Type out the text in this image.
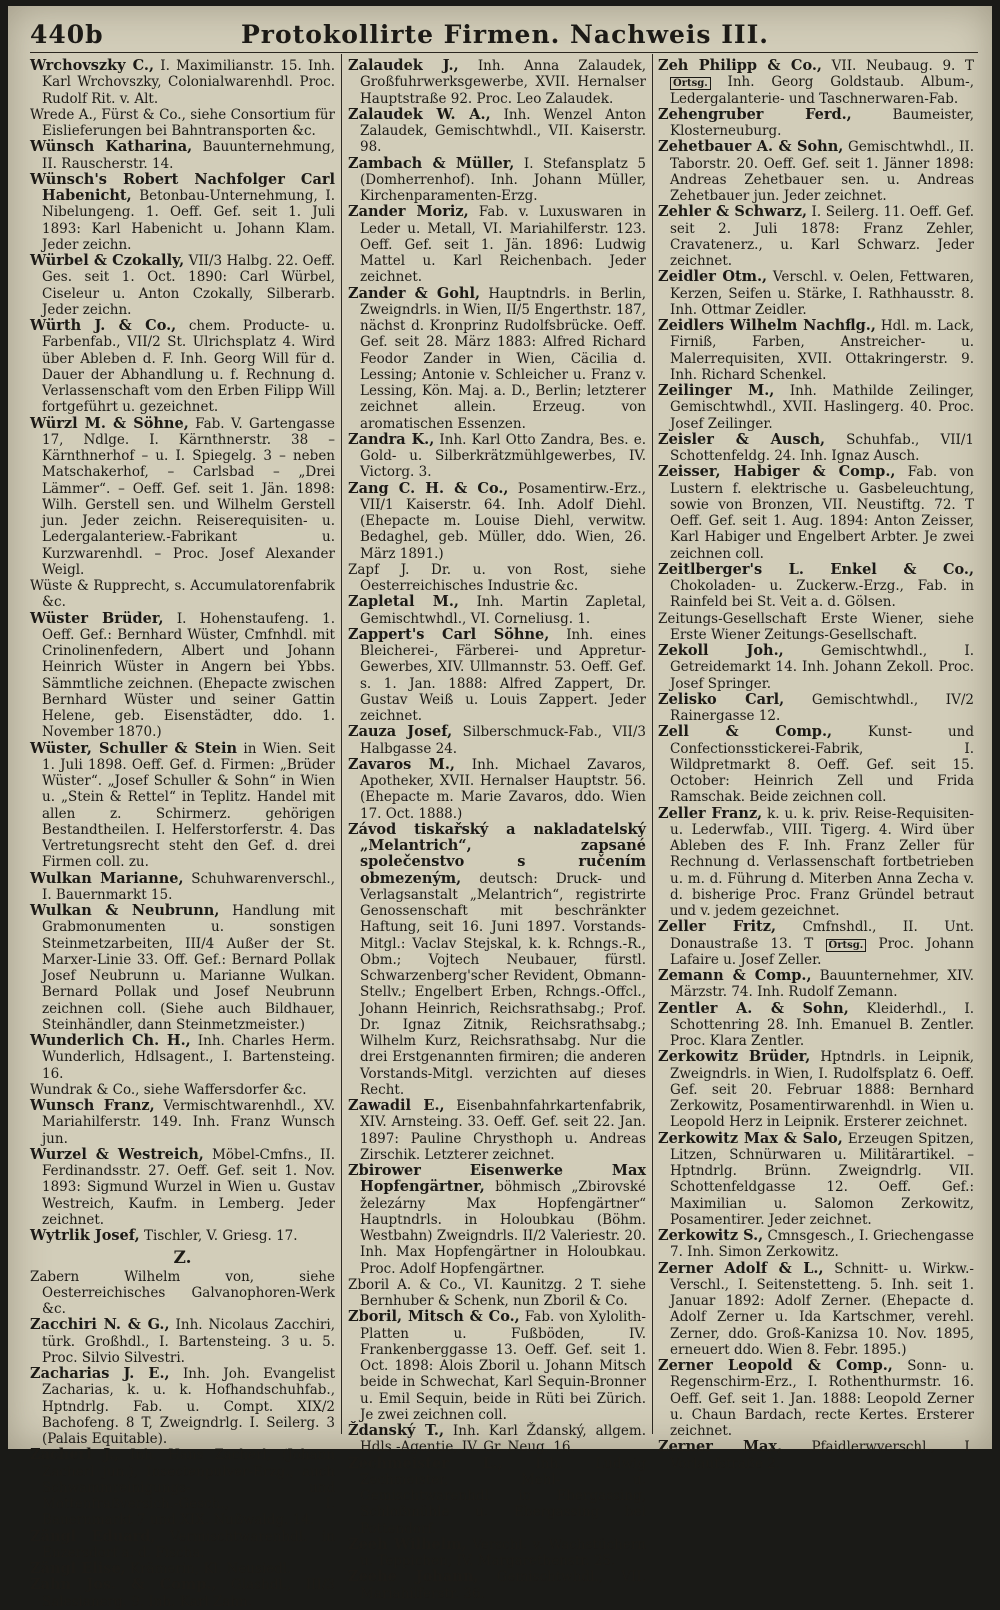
440b	Protokollirte Firmen. Nachweis III.

Wrchovszky C., I. Maximilianstr. 15. Inh. Karl Wrchovszky, Colonialwarenhdl. Proc. Rudolf Rit. v. Alt.

Wrede A., Fürst & Co., siehe Consortium für Eislieferungen bei Bahntransporten &c.

Wünsch Katharina, Bauunternehmung, II. Rauscherstr. 14.

Wünsch's Robert Nachfolger Carl Habenicht, Betonbau-Unternehmung, I. Nibelungeng. 1. Oeff. Gef. seit 1. Juli 1893: Karl Habenicht u. Johann Klam. Jeder zeichn.

Würbel & Czokally, VII/3 Halbg. 22. Oeff. Ges. seit 1. Oct. 1890: Carl Würbel, Ciseleur u. Anton Czokally, Silberarb. Jeder zeichn.

Würth J. & Co., chem. Producte- u. Farbenfab., VII/2 St. Ulrichsplatz 4. Wird über Ableben d. F. Inh. Georg Will für d. Dauer der Abhandlung u. f. Rechnung d. Verlassenschaft vom den Erben Filipp Will fortgeführt u. gezeichnet.

Würzl M. & Söhne, Fab. V. Gartengasse 17, Ndlge. I. Kärnthnerstr. 38 – Kärnthnerhof – u. I. Spiegelg. 3 – neben Matschakerhof, – Carlsbad – „Drei Lämmer“. – Oeff. Gef. seit 1. Jän. 1898: Wilh. Gerstell sen. und Wilhelm Gerstell jun. Jeder zeichn. Reiserequisiten- u. Ledergalanteriew.-Fabrikant u. Kurzwarenhdl. – Proc. Josef Alexander Weigl.

Wüste & Rupprecht, s. Accumulatorenfabrik &c.

Wüster Brüder, I. Hohenstaufeng. 1. Oeff. Gef.: Bernhard Wüster, Cmfnhdl. mit Crinolinenfedern, Albert und Johann Heinrich Wüster in Angern bei Ybbs. Sämmtliche zeichnen. (Ehepacte zwischen Bernhard Wüster und seiner Gattin Helene, geb. Eisenstädter, ddo. 1. November 1870.)

Wüster, Schuller & Stein in Wien. Seit 1. Juli 1898. Oeff. Gef. d. Firmen: „Brüder Wüster“. „Josef Schuller & Sohn“ in Wien u. „Stein & Rettel“ in Teplitz. Handel mit allen z. Schirmerz. gehörigen Bestandtheilen. I. Helferstorferstr. 4. Das Vertretungsrecht steht den Gef. d. drei Firmen coll. zu.

Wulkan Marianne, Schuhwarenverschl., I. Bauernmarkt 15.

Wulkan & Neubrunn, Handlung mit Grabmonumenten u. sonstigen Steinmetzarbeiten, III/4 Außer der St. Marxer-Linie 33. Off. Gef.: Bernard Pollak Josef Neubrunn u. Marianne Wulkan. Bernard Pollak und Josef Neubrunn zeichnen coll. (Siehe auch Bildhauer, Steinhändler, dann Steinmetzmeister.)

Wunderlich Ch. H., Inh. Charles Herm. Wunderlich, Hdlsagent., I. Bartensteing. 16.

Wundrak & Co., siehe Waffersdorfer &c.

Wunsch Franz, Vermischtwarenhdl., XV. Mariahilferstr. 149. Inh. Franz Wunsch jun.

Wurzel & Westreich, Möbel-Cmfns., II. Ferdinandsstr. 27. Oeff. Gef. seit 1. Nov. 1893: Sigmund Wurzel in Wien u. Gustav Westreich, Kaufm. in Lemberg. Jeder zeichnet.

Wytrlik Josef, Tischler, V. Griesg. 17.

Z.

Zabern Wilhelm von, siehe Oesterreichisches Galvanophoren-Werk &c.

Zacchiri N. & G., Inh. Nicolaus Zacchiri, türk. Großhdl., I. Bartensteing. 3 u. 5. Proc. Silvio Silvestri.

Zacharias J. E., Inh. Joh. Evangelist Zacharias, k. u. k. Hofhandschuhfab., Hptndrlg. Fab. u. Compt. XIX/2 Bachofeng. 8 T, Zweigndrlg. I. Seilerg. 3 (Palais Equitable).

Zacherl J., Inh. Hans Zacherl, (Johann Zacherl jun.), Insectenpulver-Erzg., auch Schwammreinigungs- und Mottenfraßversich.-Gesch., I. Bauernmarkt 7 und XIX. Nußwaldg. 14.

Zängl Eduard, Vermischtwarenhdl. in Enzersdorf a. d. Fischa.

Zängl Elise, Krämerin, Kl. Neusiedl.

Zahn Jos. & Comp., Glashdl., III/3 Salesianerg. 9. Inh. Karl Zahn.

Zalaudek J., Inh. Anna Zalaudek, Großfuhrwerksgewerbe, XVII. Hernalser Hauptstraße 92. Proc. Leo Zalaudek.

Zalaudek W. A., Inh. Wenzel Anton Zalaudek, Gemischtwhdl., VII. Kaiserstr. 98.

Zambach & Müller, I. Stefansplatz 5 (Domherrenhof). Inh. Johann Müller, Kirchenparamenten-Erzg.

Zander Moriz, Fab. v. Luxuswaren in Leder u. Metall, VI. Mariahilferstr. 123. Oeff. Gef. seit 1. Jän. 1896: Ludwig Mattel u. Karl Reichenbach. Jeder zeichnet.

Zander & Gohl, Hauptndrls. in Berlin, Zweigndrls. in Wien, II/5 Engerthstr. 187, nächst d. Kronprinz Rudolfsbrücke. Oeff. Gef. seit 28. März 1883: Alfred Richard Feodor Zander in Wien, Cäcilia d. Lessing; Antonie v. Schleicher u. Franz v. Lessing, Kön. Maj. a. D., Berlin; letzterer zeichnet allein. Erzeug. von aromatischen Essenzen.

Zandra K., Inh. Karl Otto Zandra, Bes. e. Gold- u. Silberkrätzmühlgewerbes, IV. Victorg. 3.

Zang C. H. & Co., Posamentirw.-Erz., VII/1 Kaiserstr. 64. Inh. Adolf Diehl. (Ehepacte m. Louise Diehl, verwitw. Bedaghel, geb. Müller, ddo. Wien, 26. März 1891.)

Zapf J. Dr. u. von Rost, siehe Oesterreichisches Industrie &c.

Zapletal M., Inh. Martin Zapletal, Gemischtwhdl., VI. Corneliusg. 1.

Zappert's Carl Söhne, Inh. eines Bleicherei-, Färberei- und Appretur-Gewerbes, XIV. Ullmannstr. 53. Oeff. Gef. s. 1. Jan. 1888: Alfred Zappert, Dr. Gustav Weiß u. Louis Zappert. Jeder zeichnet.

Zauza Josef, Silberschmuck-Fab., VII/3 Halbgasse 24.

Zavaros M., Inh. Michael Zavaros, Apotheker, XVII. Hernalser Hauptstr. 56. (Ehepacte m. Marie Zavaros, ddo. Wien 17. Oct. 1888.)

Závod tiskařský a nakladatelský „Melantrich“, zapsané společenstvo s ručením obmezeným, deutsch: Druck- und Verlagsanstalt „Melantrich“, registrirte Genossenschaft mit beschränkter Haftung, seit 16. Juni 1897. Vorstands-Mitgl.: Vaclav Stejskal, k. k. Rchngs.-R., Obm.; Vojtech Neubauer, fürstl. Schwarzenberg'scher Revident, Obmann-Stellv.; Engelbert Erben, Rchngs.-Offcl., Johann Heinrich, Reichsrathsabg.; Prof. Dr. Ignaz Zitnik, Reichsrathsabg.; Wilhelm Kurz, Reichsrathsabg. Nur die drei Erstgenannten firmiren; die anderen Vorstands-Mitgl. verzichten auf dieses Recht.

Zawadil E., Eisenbahnfahrkartenfabrik, XIV. Arnsteing. 33. Oeff. Gef. seit 22. Jan. 1897: Pauline Chrysthoph u. Andreas Zirschik. Letzterer zeichnet.

Zbirower Eisenwerke Max Hopfengärtner, böhmisch „Zbirovské železárny Max Hopfengärtner“ Hauptndrls. in Holoubkau (Böhm. Westbahn) Zweigndrls. II/2 Valeriestr. 20. Inh. Max Hopfengärtner in Holoubkau. Proc. Adolf Hopfengärtner.

Zboril A. & Co., VI. Kaunitzg. 2 T. siehe Bernhuber & Schenk, nun Zboril & Co.

Zboril, Mitsch & Co., Fab. von Xylolith-Platten u. Fußböden, IV. Frankenberggasse 13. Oeff. Gef. seit 1. Oct. 1898: Alois Zboril u. Johann Mitsch beide in Schwechat, Karl Sequin-Bronner u. Emil Sequin, beide in Rüti bei Zürich. Je zwei zeichnen coll.

Ždanský T., Inh. Karl Ždanský, allgem. Hdls.-Agentie, IV. Gr. Neug. 16.

Zechmeister L., Inh. Ludwig Zechmeister, Mehl- u. Gemischtwarenhdl. in Ebergassing, Schloßmühle u. Ebergassing bei Pottendorf.

Zeeh Wilhelm, Verschl. v. Wachstüchern u. Teppichen, IV. Margarethenstr. 25.

Zeehe Johann, Gemischtwhdl., VII. Mariahilferstr. 36.

Zeh Philipp & Co., VII. Neubaug. 9. T Ortsg. Inh. Georg Goldstaub. Album-, Ledergalanterie- und Taschnerwaren-Fab.

Zehengruber Ferd.,	Baumeister, Klosterneuburg.

Zehetbauer A. & Sohn, Gemischtwhdl., II. Taborstr. 20. Oeff. Gef. seit 1. Jänner 1898: Andreas Zehetbauer sen. u. Andreas Zehetbauer jun. Jeder zeichnet.

Zehler & Schwarz, I. Seilerg. 11. Oeff. Gef. seit 2. Juli 1878: Franz Zehler, Cravatenerz., u. Karl Schwarz. Jeder zeichnet.

Zeidler Otm., Verschl. v. Oelen, Fettwaren, Kerzen, Seifen u. Stärke, I. Rathhausstr. 8. Inh. Ottmar Zeidler.

Zeidlers Wilhelm Nachflg., Hdl. m. Lack, Firniß, Farben, Anstreicher- u. Malerrequisiten, XVII. Ottakringerstr. 9. Inh. Richard Schenkel.

Zeilinger M., Inh. Mathilde Zeilinger, Gemischtwhdl., XVII. Haslingerg. 40. Proc. Josef Zeilinger.

Zeisler & Ausch, Schuhfab., VII/1 Schottenfeldg. 24. Inh. Ignaz Ausch.

Zeisser, Habiger & Comp., Fab. von Lustern f. elektrische u. Gasbeleuchtung, sowie von Bronzen, VII. Neustiftg. 72. T Oeff. Gef. seit 1. Aug. 1894: Anton Zeisser, Karl Habiger und Engelbert Arbter. Je zwei zeichnen coll.

Zeitlberger's L. Enkel & Co., Chokoladen- u. Zuckerw.-Erzg., Fab. in Rainfeld bei St. Veit a. d. Gölsen.

Zeitungs-Gesellschaft Erste Wiener, siehe Erste Wiener Zeitungs-Gesellschaft.

Zekoll Joh.,	Gemischtwhdl., I. Getreidemarkt 14. Inh. Johann Zekoll. Proc. Josef Springer.

Zelisko Carl, Gemischtwhdl., IV/2 Rainergasse 12.

Zell & Comp.,	Kunst- und Confectionsstickerei-Fabrik, I. Wildpretmarkt 8. Oeff. Gef. seit 15. October: Heinrich Zell und Frida Ramschak. Beide zeichnen coll.

Zeller Franz, k. u. k. priv. Reise-Requisiten- u. Lederwfab., VIII. Tigerg. 4. Wird über Ableben des F. Inh. Franz Zeller für Rechnung d. Verlassenschaft fortbetrieben u. m. d. Führung d. Miterben Anna Zecha v. d. bisherige Proc. Franz Gründel betraut und v. jedem gezeichnet.

Zeller Fritz, Cmfnshdl., II. Unt. Donaustraße 13. T Ortsg. Proc. Johann Lafaire u. Josef Zeller.

Zemann & Comp., Bauunternehmer, XIV. Märzstr. 74. Inh. Rudolf Zemann.

Zentler A. & Sohn, Kleiderhdl., I. Schottenring 28. Inh. Emanuel B. Zentler. Proc. Klara Zentler.

Zerkowitz Brüder, Hptndrls. in Leipnik, Zweigndrls. in Wien, I. Rudolfsplatz 6. Oeff. Gef. seit 20. Februar 1888: Bernhard Zerkowitz, Posamentirwarenhdl. in Wien u. Leopold Herz in Leipnik. Ersterer zeichnet.

Zerkowitz Max & Salo, Erzeugen Spitzen, Litzen, Schnürwaren u. Militärartikel. – Hptndrlg. Brünn. Zweigndrlg. VII. Schottenfeldgasse 12. Oeff. Gef.: Maximilian u. Salomon Zerkowitz, Posamentirer. Jeder zeichnet.

Zerkowitz S., Cmnsgesch., I. Griechengasse 7. Inh. Simon Zerkowitz.

Zerner Adolf & L., Schnitt- u. Wirkw.-Verschl., I. Seitenstetteng. 5. Inh. seit 1. Januar 1892: Adolf Zerner. (Ehepacte d. Adolf Zerner u. Ida Kartschmer, verehl. Zerner, ddo. Groß-Kanizsa 10. Nov. 1895, erneuert ddo. Wien 8. Febr. 1895.)

Zerner Leopold & Comp., Sonn- u. Regenschirm-Erz., I. Rothenthurmstr. 16. Oeff. Gef. seit 1. Jan. 1888: Leopold Zerner u. Chaun Bardach, recte Kertes. Ersterer zeichnet.

Zerner Max, Pfaidlerwverschl., I. Vorlaufstraße 2.
